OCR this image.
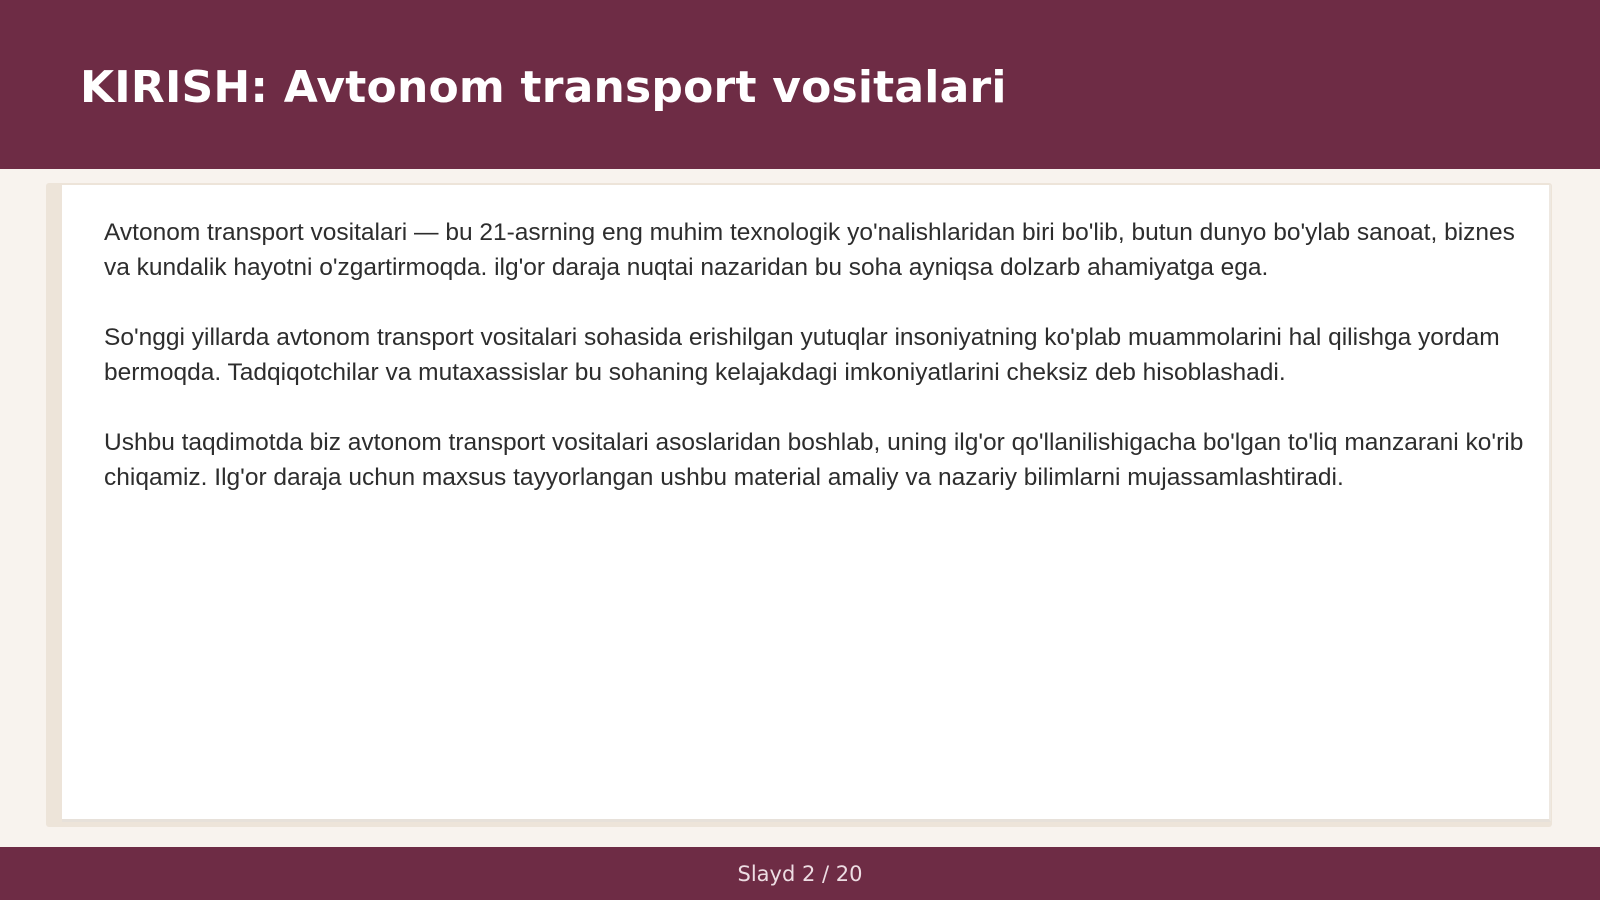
KIRISH: Avtonom transport vositalari

Avtonom transport vositalari — bu 21-asrning eng muhim texnologik yo'nalishlaridan biri bo'lib, butun dunyo bo'ylab sanoat, biznes va kundalik hayotni o'zgartirmoqda. ilg'or daraja nuqtai nazaridan bu soha ayniqsa dolzarb ahamiyatga ega.

So'nggi yillarda avtonom transport vositalari sohasida erishilgan yutuqlar insoniyatning ko'plab muammolarini hal qilishga yordam bermoqda. Tadqiqotchilar va mutaxassislar bu sohaning kelajakdagi imkoniyatlarini cheksiz deb hisoblashadi.

Ushbu taqdimotda biz avtonom transport vositalari asoslaridan boshlab, uning ilg'or qo'llanilishigacha bo'lgan to'liq manzarani ko'rib chiqamiz. Ilg'or daraja uchun maxsus tayyorlangan ushbu material amaliy va nazariy bilimlarni mujassamlashtiradi.

Slayd 2 / 20
